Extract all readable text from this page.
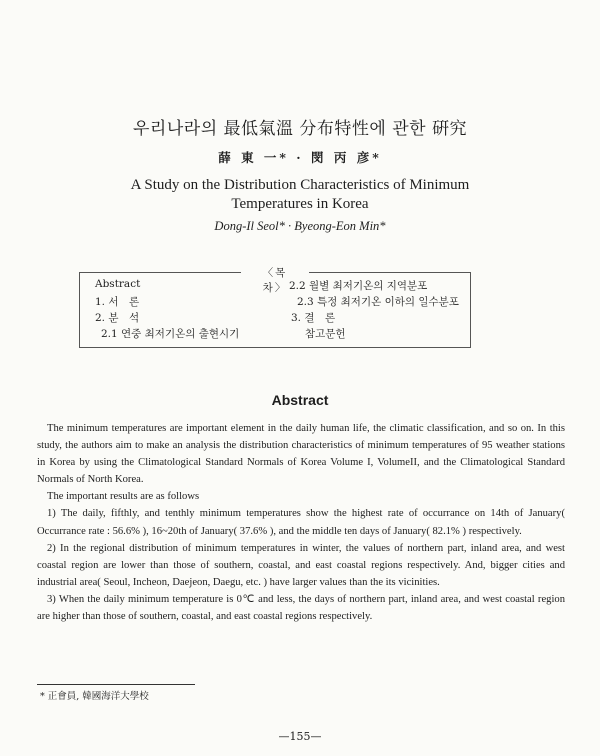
우리나라의 最低氣溫 分布特性에 관한 硏究
薛 東 一* · 閔 丙 彦*
A Study on the Distribution Characteristics of Minimum
Temperatures in Korea
Dong-Il Seol* · Byeong-Eon Min*
〈목　　차〉
Abstract
1. 서　론
2. 분　석
2.1 연중 최저기온의 출현시기
2.2 월별 최저기온의 지역분포
2.3 특정 최저기온 이하의 일수분포
3. 결　론
참고문헌
Abstract

The minimum temperatures are important element in the daily human life, the climatic classification, and so on. In this study, the authors aim to make an analysis the distribution characteristics of minimum temperatures of 95 weather stations in Korea by using the Climatological Standard Normals of Korea Volume I, VolumeII, and the Climatological Standard Normals of North Korea.

The important results are as follows

1) The daily, fifthly, and tenthly minimum temperatures show the highest rate of occurrance on 14th of January( Occurrance rate : 56.6% ), 16~20th of January( 37.6% ), and the middle ten days of January( 82.1% ) respectively.

2) In the regional distribution of minimum temperatures in winter, the values of northern part, inland area, and west coastal region are lower than those of southern, coastal, and east coastal regions respectively. And, bigger cities and industrial area( Seoul, Incheon, Daejeon, Daegu, etc. ) have larger values than the its vicinities.

3) When the daily minimum temperature is 0℃ and less, the days of northern part, inland area, and west coastal region are higher than those of southern, coastal, and east coastal regions respectively.

* 正會員, 韓國海洋大學校
—155—
